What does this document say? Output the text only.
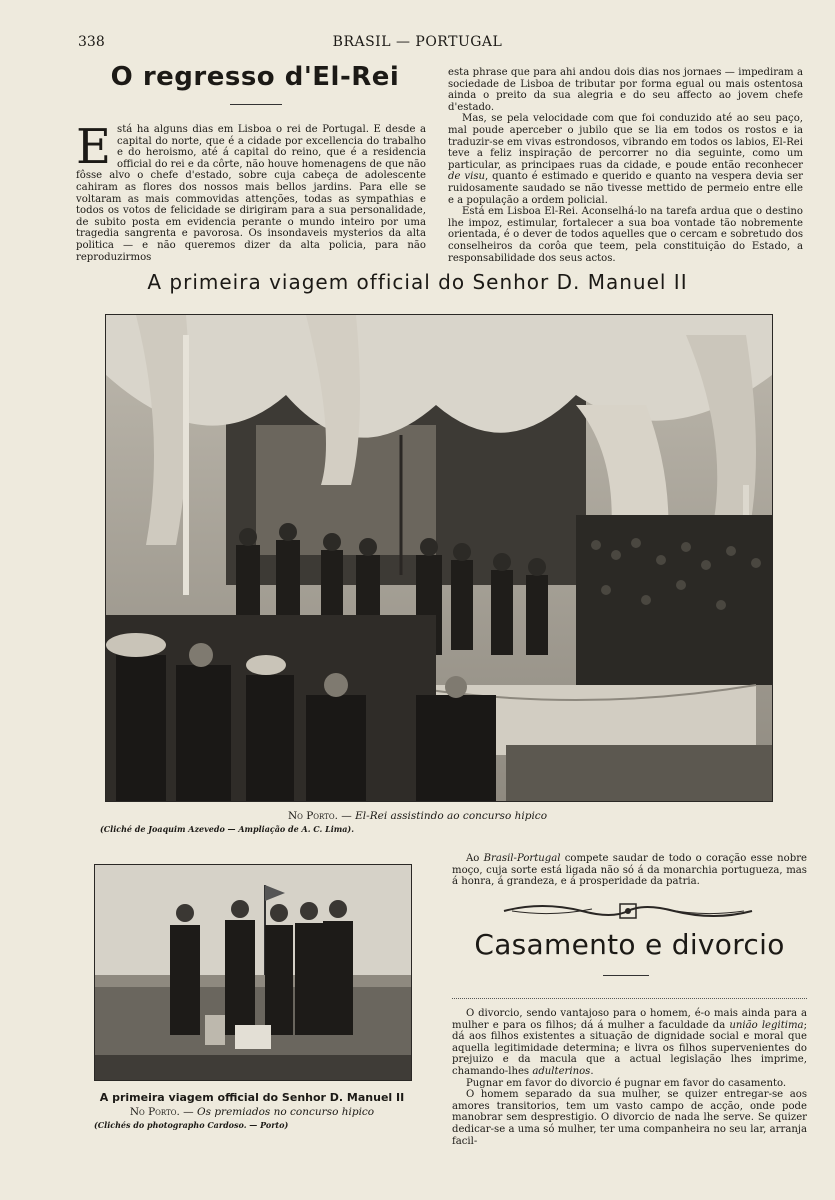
338	BRASIL — PORTUGAL
O regresso d'El-Rei

Está ha alguns dias em Lisboa o rei de Portugal. E desde a capital do norte, que é a cidade por excellencia do trabalho e do heroismo, até á capital do reino, que é a residencia official do rei e da côrte, não houve homenagens de que não fôsse alvo o chefe d'estado, sobre cuja cabeça de adolescente cahiram as flores dos nossos mais bellos jardins. Para elle se voltaram as mais commovidas attenções, todas as sympathias e todos os votos de felicidade se dirigiram para a sua personalidade, de subito posta em evidencia perante o mundo inteiro por uma tragedia sangrenta e pavorosa. Os insondaveis mysterios da alta politica — e não queremos dizer da alta policia, para não reproduzirmos

esta phrase que para ahi andou dois dias nos jornaes — impediram a sociedade de Lisboa de tributar por forma egual ou mais ostentosa ainda o preito da sua alegria e do seu affecto ao jovem chefe d'estado.

Mas, se pela velocidade com que foi conduzido até ao seu paço, mal poude aperceber o jubilo que se lia em todos os rostos e ia traduzir-se em vivas estrondosos, vibrando em todos os labios, El-Rei teve a feliz inspiração de percorrer no dia seguinte, como um particular, as principaes ruas da cidade, e poude então reconhecer de visu, quanto é estimado e querido e quanto na vespera devia ser ruidosamente saudado se não tivesse mettido de permeio entre elle e a população a ordem policial.

Está em Lisboa El-Rei. Aconselhá-lo na tarefa ardua que o destino lhe impoz, estimular, fortalecer a sua boa vontade tão nobremente orientada, é o dever de todos aquelles que o cercam e sobretudo dos conselheiros da corôa que teem, pela constituição do Estado, a responsabilidade dos seus actos.

A primeira viagem official do Senhor D. Manuel II
No Porto. — El-Rei assistindo ao concurso hipico
(Cliché de Joaquim Azevedo — Ampliação de A. C. Lima).
A primeira viagem official do Senhor D. Manuel II
No Porto. — Os premiados no concurso hipico
(Clichés do photographo Cardoso. — Porto)

Ao Brasil-Portugal compete saudar de todo o coração esse nobre moço, cuja sorte está ligada não só á da monarchia portugueza, mas á honra, á grandeza, e á prosperidade da patria.

Casamento e divorcio

O divorcio, sendo vantajoso para o homem, é-o mais ainda para a mulher e para os filhos; dá á mulher a faculdade da união legitima; dá aos filhos existentes a situação de dignidade social e moral que aquella legitimidade determina; e livra os filhos supervenientes do prejuizo e da macula que a actual legislação lhes imprime, chamando-lhes adulterinos.

Pugnar em favor do divorcio é pugnar em favor do casamento.

O homem separado da sua mulher, se quizer entregar-se aos amores transitorios, tem um vasto campo de acção, onde pode manobrar sem desprestigio. O divorcio de nada lhe serve. Se quizer dedicar-se a uma só mulher, ter uma companheira no seu lar, arranja facil-
